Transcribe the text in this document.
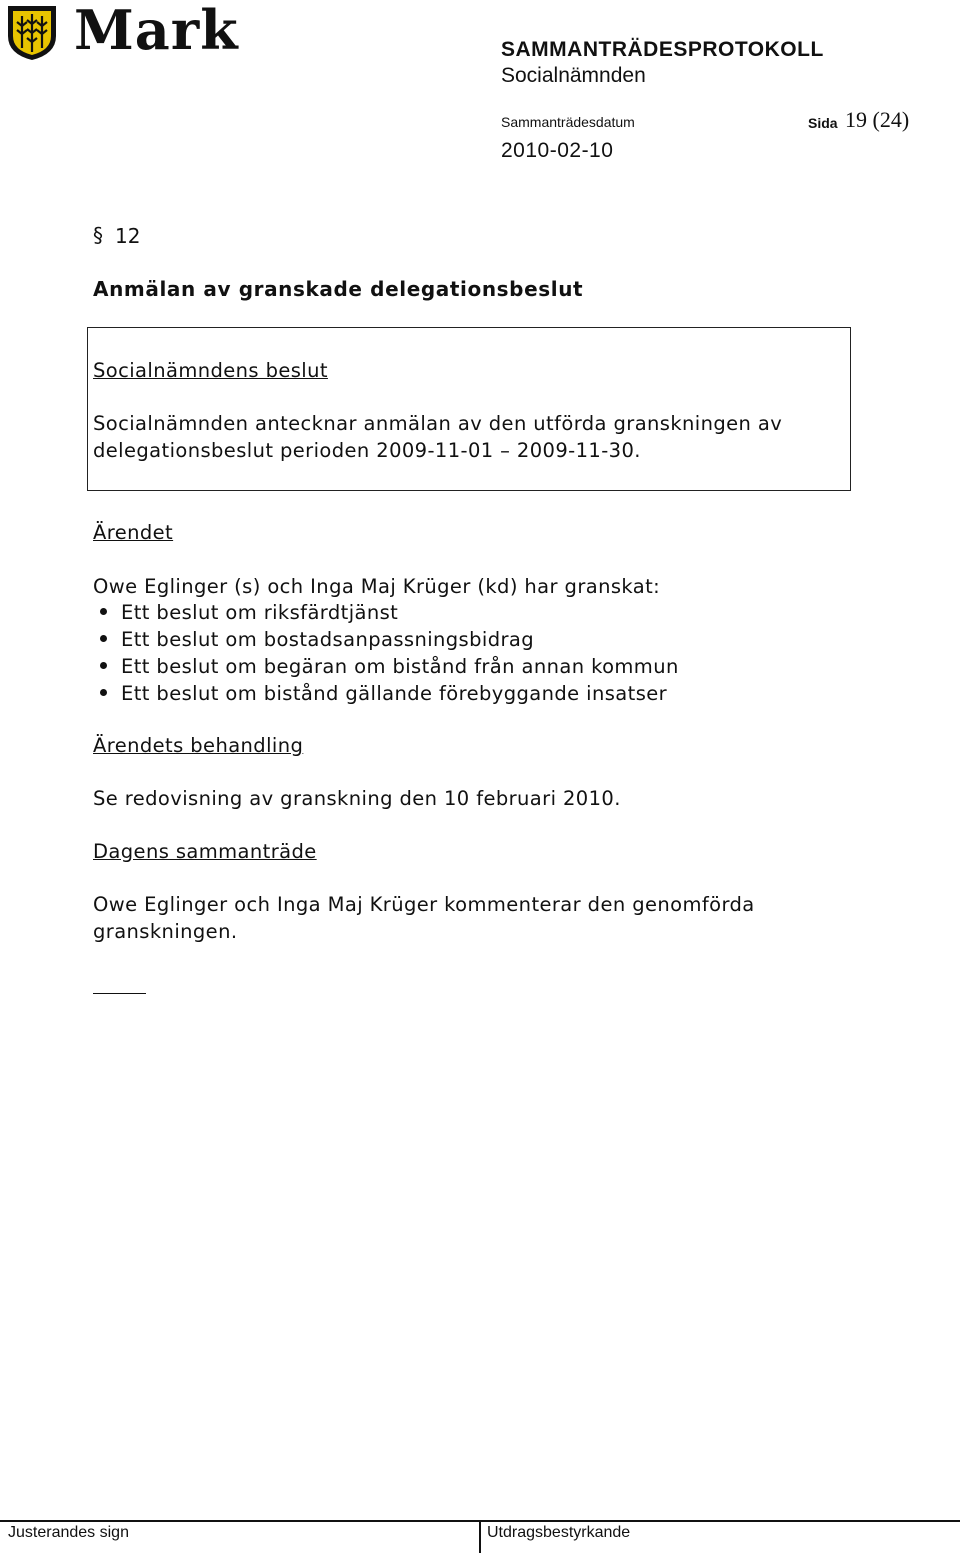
Mark	SAMMANTRÄDESPROTOKOLL
Socialnämnden
Sammanträdesdatum	Sida 19 (24)
2010-02-10
§ 12
Anmälan av granskade delegationsbeslut
Socialnämndens beslut
Socialnämnden antecknar anmälan av den utförda granskningen av
delegationsbeslut perioden 2009-11-01 – 2009-11-30.
Ärendet
Owe Eglinger (s) och Inga Maj Krüger (kd) har granskat:
Ett beslut om riksfärdtjänst
Ett beslut om bostadsanpassningsbidrag
Ett beslut om begäran om bistånd från annan kommun
Ett beslut om bistånd gällande förebyggande insatser
Ärendets behandling
Se redovisning av granskning den 10 februari 2010.
Dagens sammanträde
Owe Eglinger och Inga Maj Krüger kommenterar den genomförda
granskningen.
Justerandes sign	Utdragsbestyrkande
